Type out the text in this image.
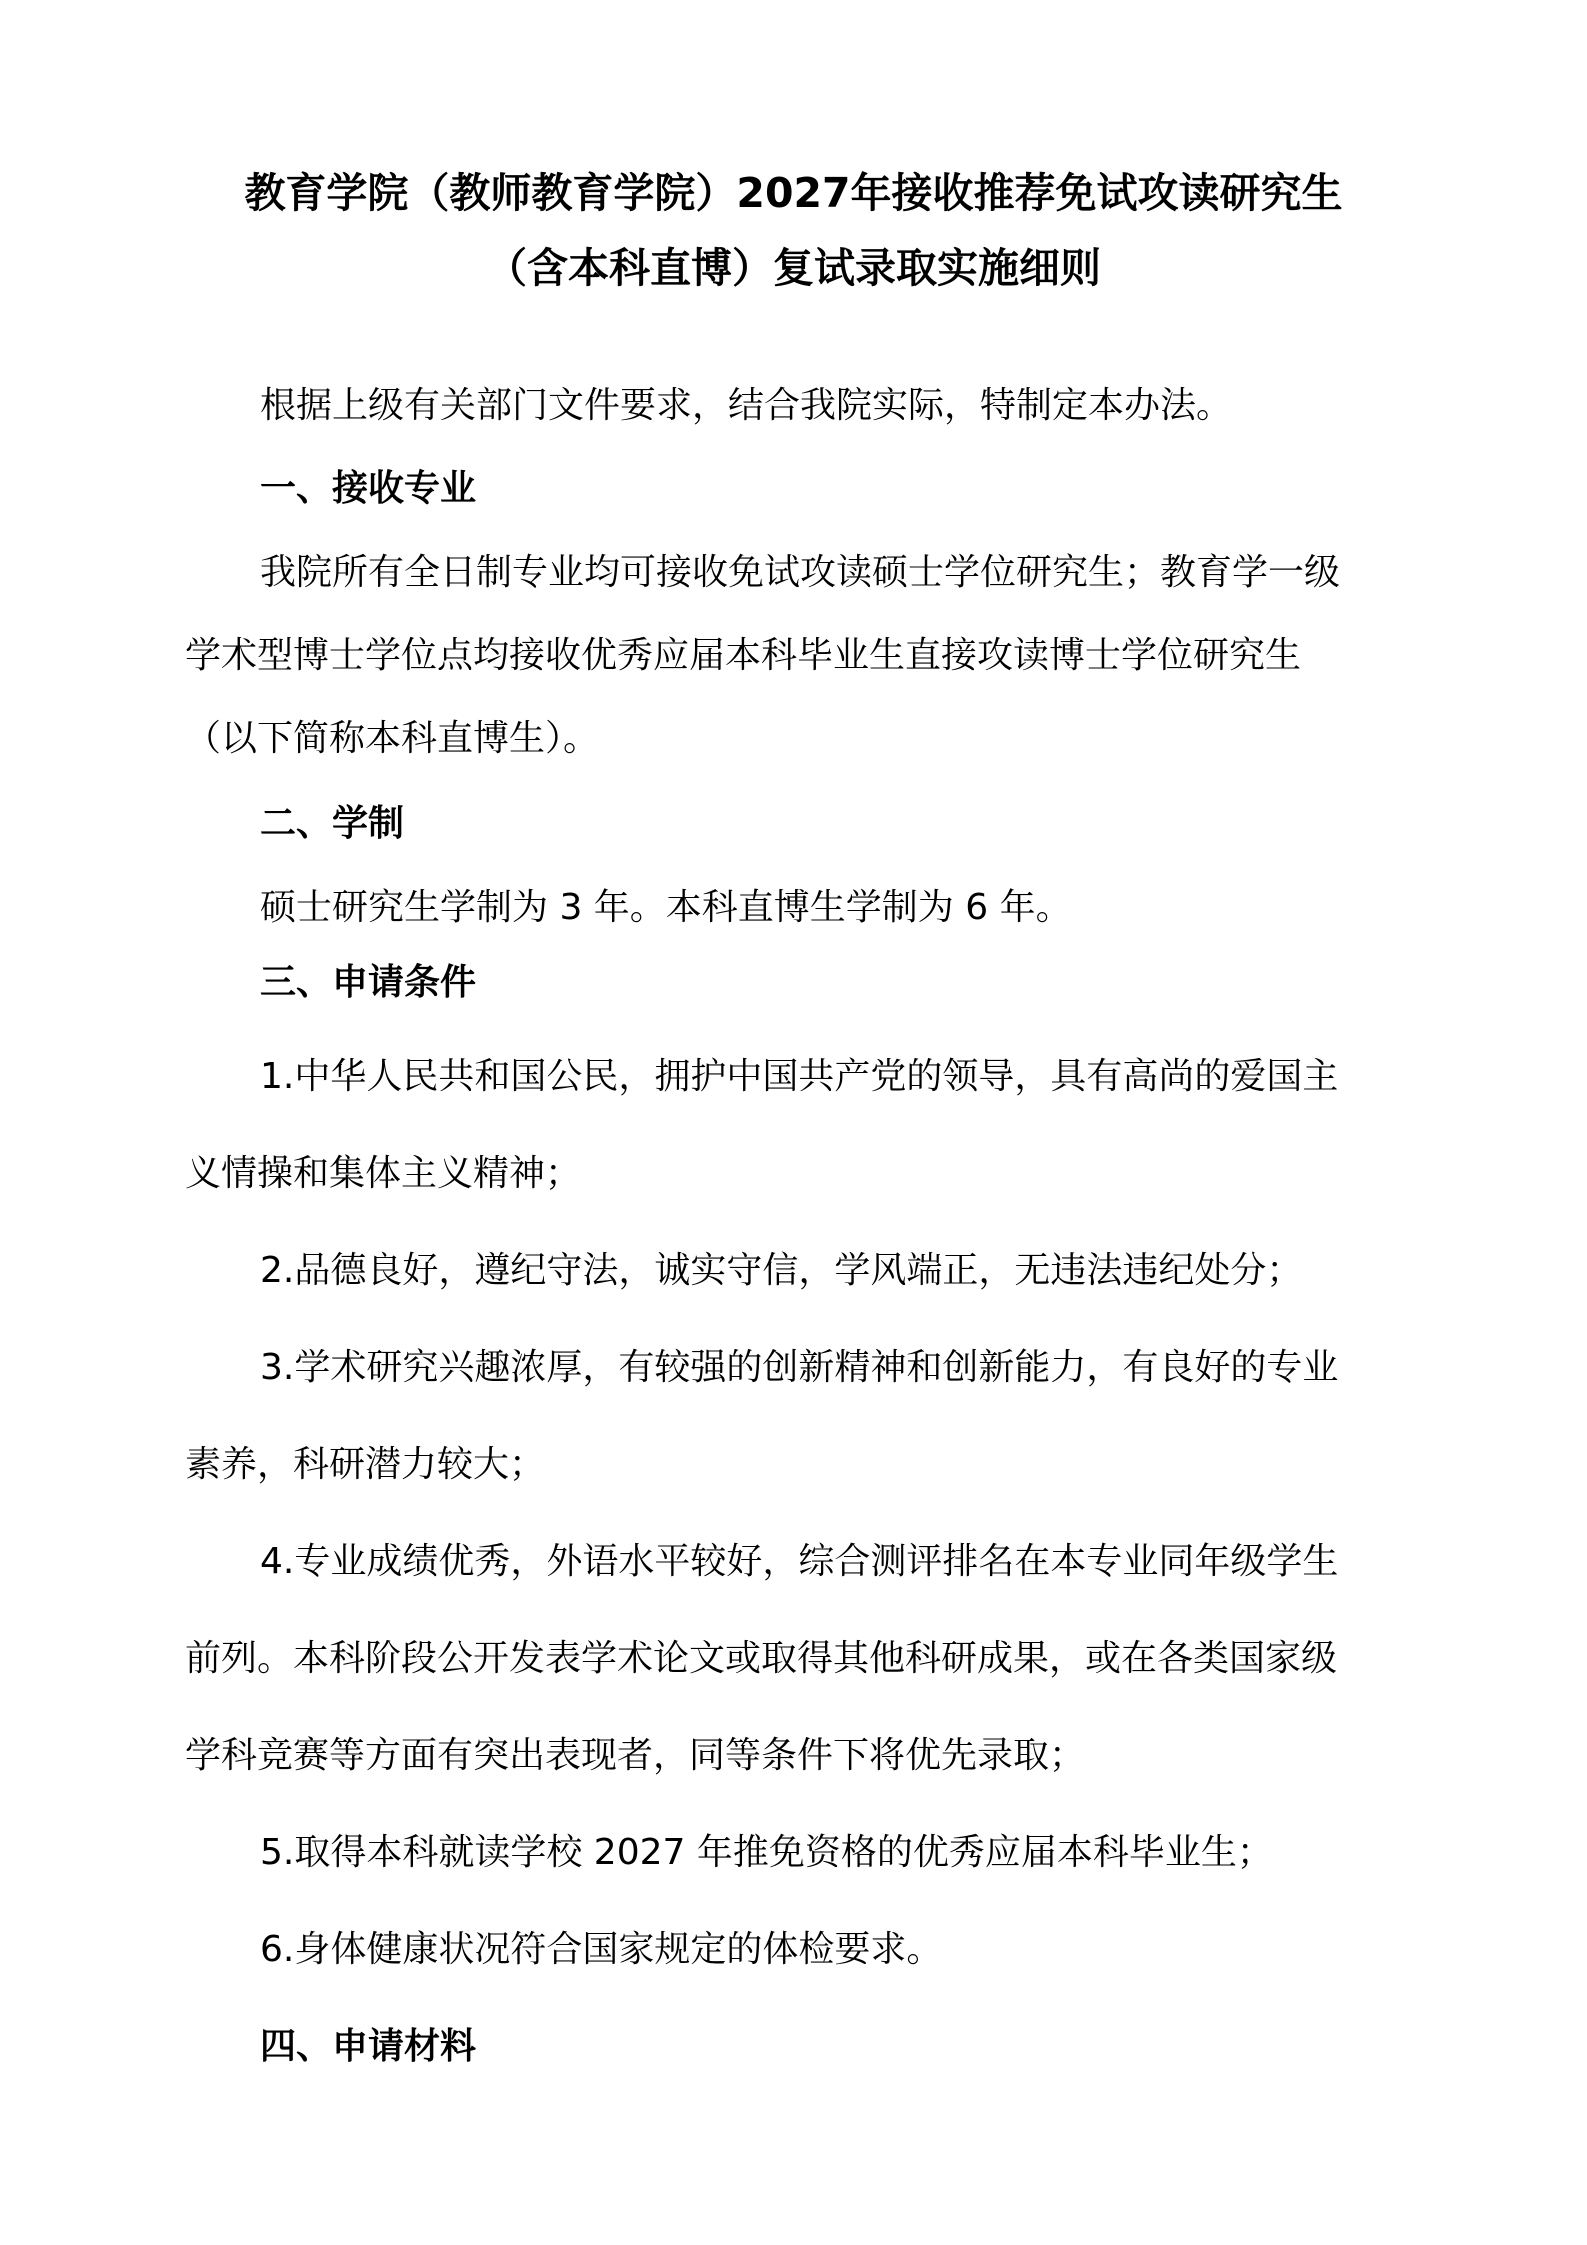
教育学院（教师教育学院）2027年接收推荐免试攻读研究生
（含本科直博）复试录取实施细则
根据上级有关部门文件要求，结合我院实际，特制定本办法。
一、接收专业
我院所有全日制专业均可接收免试攻读硕士学位研究生；教育学一级
学术型博士学位点均接收优秀应届本科毕业生直接攻读博士学位研究生
（以下简称本科直博生）。
二、学制
硕士研究生学制为 3 年。本科直博生学制为 6 年。
三、申请条件
1.中华人民共和国公民，拥护中国共产党的领导，具有高尚的爱国主
义情操和集体主义精神；
2.品德良好，遵纪守法，诚实守信，学风端正，无违法违纪处分；
3.学术研究兴趣浓厚，有较强的创新精神和创新能力，有良好的专业
素养，科研潜力较大；
4.专业成绩优秀，外语水平较好，综合测评排名在本专业同年级学生
前列。本科阶段公开发表学术论文或取得其他科研成果，或在各类国家级
学科竞赛等方面有突出表现者，同等条件下将优先录取；
5.取得本科就读学校 2027 年推免资格的优秀应届本科毕业生；
6.身体健康状况符合国家规定的体检要求。
四、申请材料
